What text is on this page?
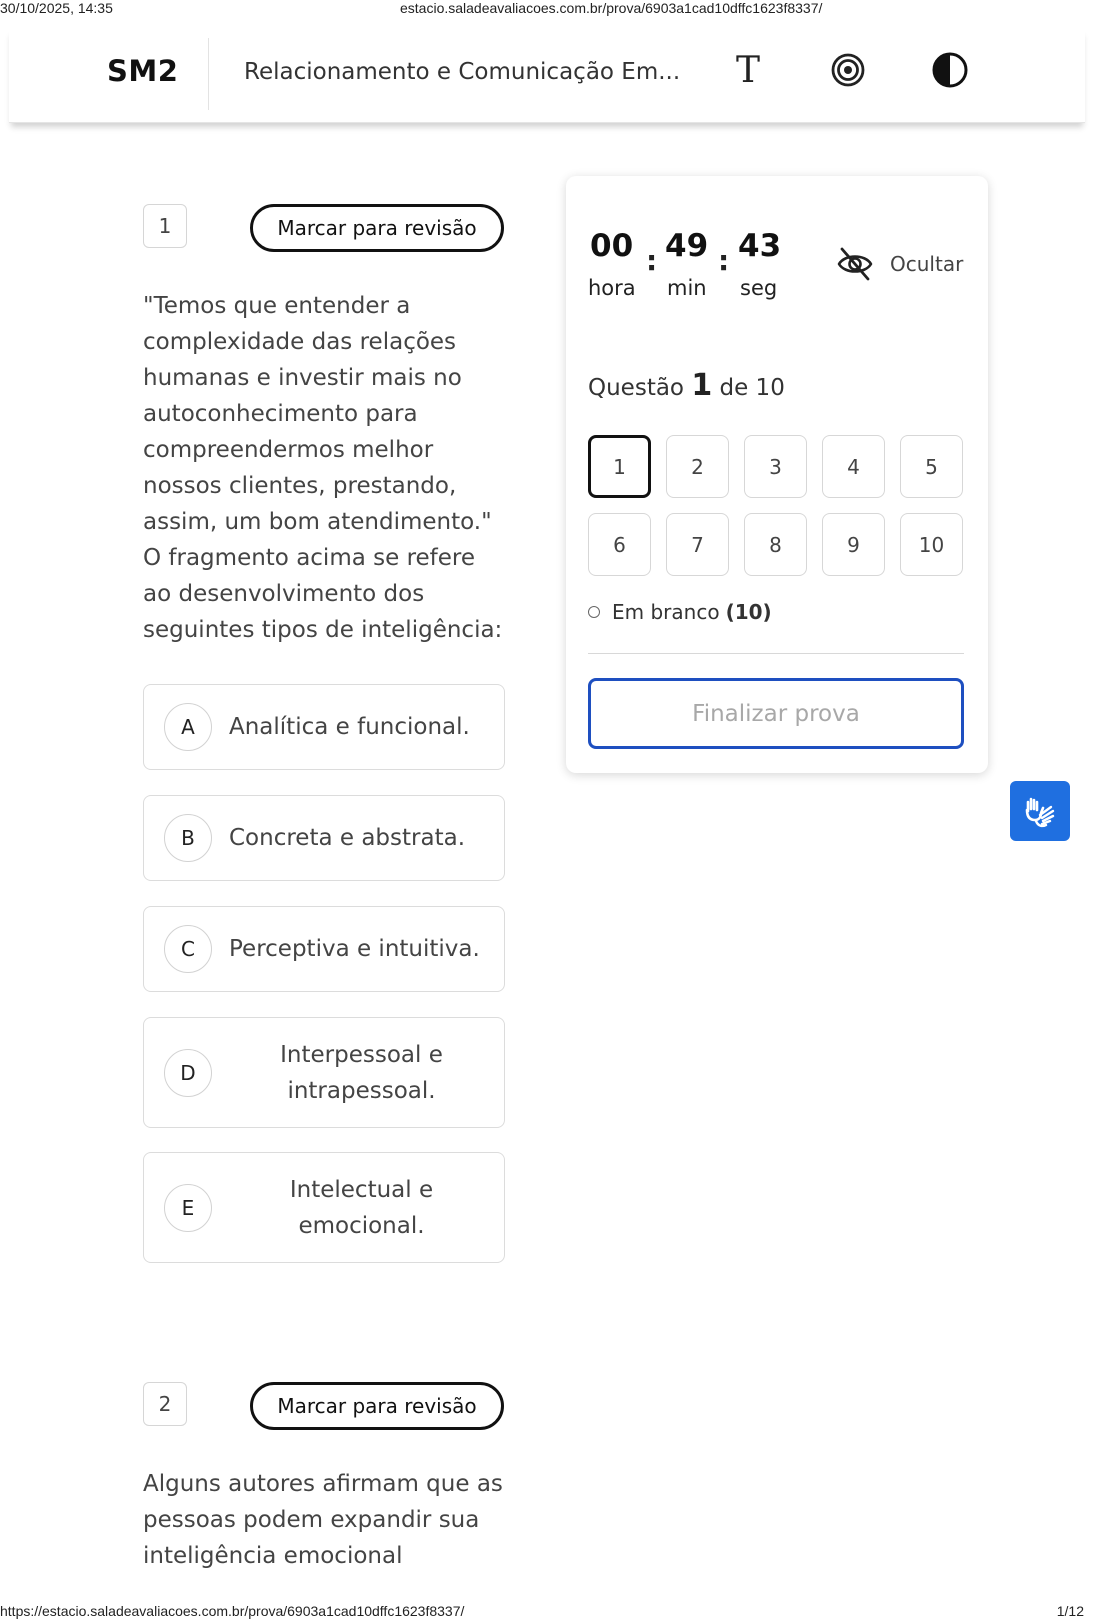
30/10/2025, 14:35	estacio.saladeavaliacoes.com.br/prova/6903a1cad10dffc1623f8337/
https://estacio.saladeavaliacoes.com.br/prova/6903a1cad10dffc1623f8337/	1/12
SM2	Relacionamento e Comunicação Em... T
1	Marcar para revisão
"Temos que entender a complexidade das relações humanas e investir mais no autoconhecimento para compreendermos melhor nossos clientes, prestando, assim, um bom atendimento." O fragmento acima se refere ao desenvolvimento dos seguintes tipos de inteligência:
A	Analítica e funcional.
B	Concreta e abstrata.
C	Perceptiva e intuitiva.
D
Interpessoal e intrapessoal.
E
Intelectual e emocional.
2	Marcar para revisão
Alguns autores afirmam que as pessoas podem expandir sua inteligência emocional
00 : 49 : 43
hora min seg
Ocultar
Questão 1 de 10
1	2	3	4	5
6	7	8	9	10
Em branco (10)
Finalizar prova
